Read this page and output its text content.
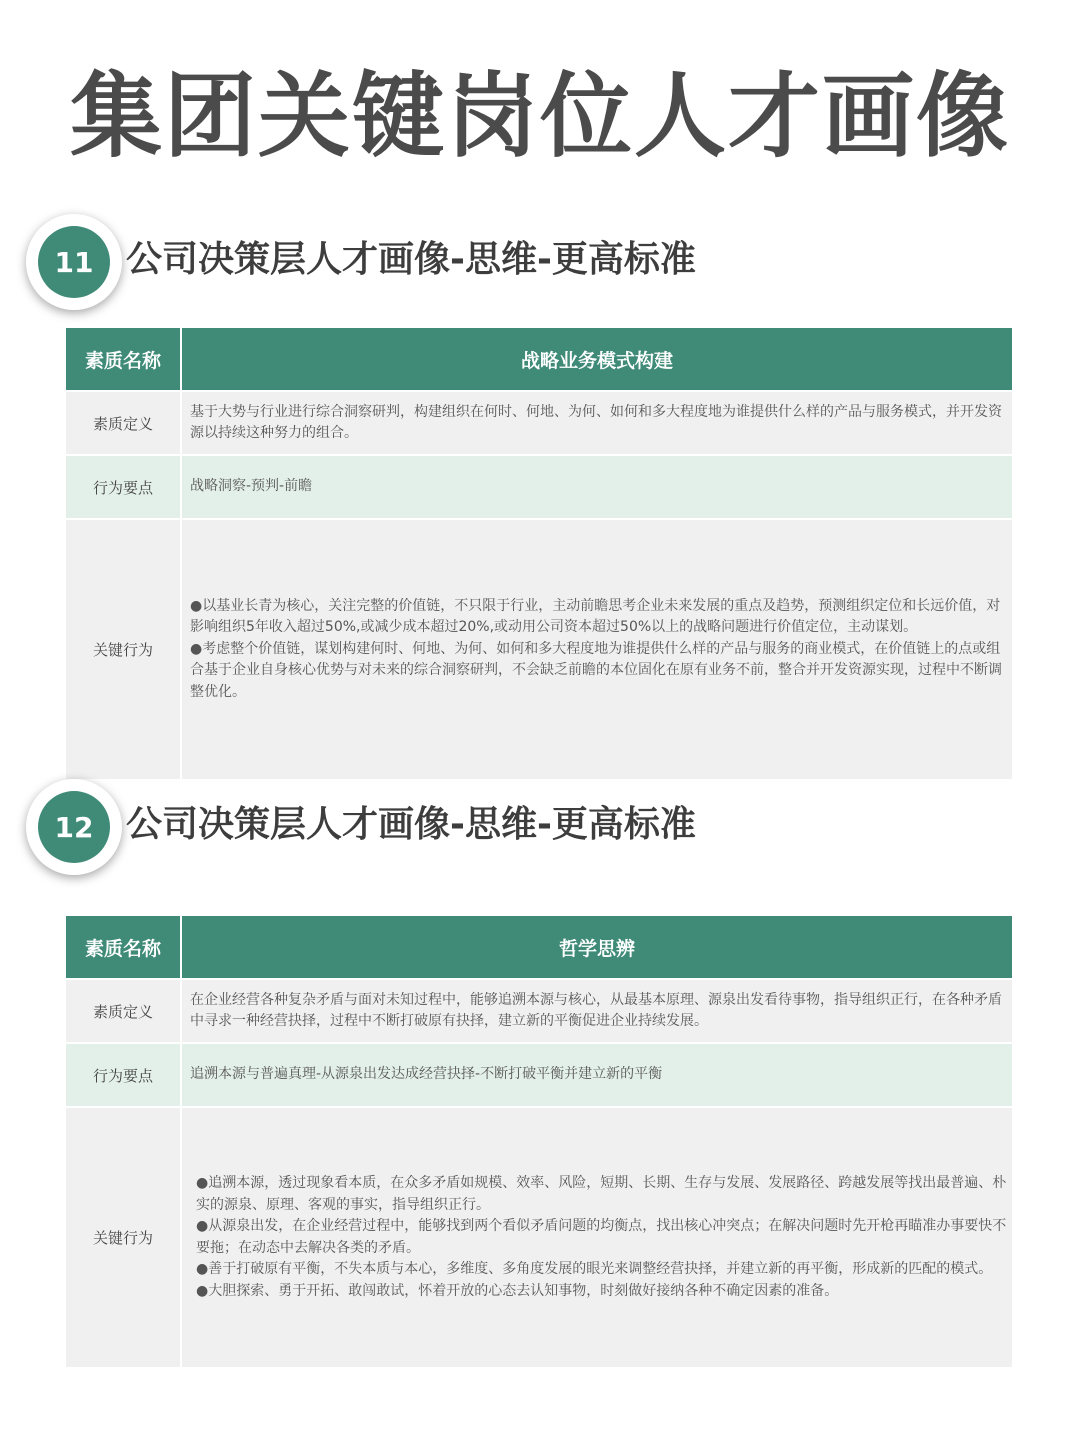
集团关键岗位人才画像
11 公司决策层人才画像-思维-更高标准
素质名称	战略业务模式构建
素质定义	基于大势与行业进行综合洞察研判，构建组织在何时、何地、为何、如何和多大程度地为谁提供什么样的产品与服务模式，并开发资源以持续这种努力的组合。
行为要点	战略洞察-预判-前瞻
关键行为	●以基业长青为核心，关注完整的价值链，不只限于行业，主动前瞻思考企业未来发展的重点及趋势，预测组织定位和长远价值，对影响组织5年收入超过50%,或减少成本超过20%,或动用公司资本超过50%以上的战略问题进行价值定位，主动谋划。
●考虑整个价值链，谋划构建何时、何地、为何、如何和多大程度地为谁提供什么样的产品与服务的商业模式，在价值链上的点或组 合基于企业自身核心优势与对未来的综合洞察研判，不会缺乏前瞻的本位固化在原有业务不前，整合并开发资源实现，过程中不断调整优化。
12 公司决策层人才画像-思维-更高标准
素质名称	哲学思辨
素质定义	在企业经营各种复杂矛盾与面对未知过程中，能够追溯本源与核心，从最基本原理、源泉出发看待事物，指导组织正行，在各种矛盾 中寻求一种经营抉择，过程中不断打破原有抉择，建立新的平衡促进企业持续发展。
行为要点	追溯本源与普遍真理-从源泉出发达成经营抉择-不断打破平衡并建立新的平衡
关键行为	●追溯本源，透过现象看本质，在众多矛盾如规模、效率、风险，短期、长期、生存与发展、发展路径、跨越发展等找出最普遍、朴实的源泉、原理、客观的事实，指导组织正行。
●从源泉出发，在企业经营过程中，能够找到两个看似矛盾问题的均衡点，找出核心冲突点；在解决问题时先开枪再瞄准办事要快不要拖；在动态中去解决各类的矛盾。
●善于打破原有平衡，不失本质与本心，多维度、多角度发展的眼光来调整经营抉择，并建立新的再平衡，形成新的匹配的模式。
●大胆探索、勇于开拓、敢闯敢试，怀着开放的心态去认知事物，时刻做好接纳各种不确定因素的准备。
